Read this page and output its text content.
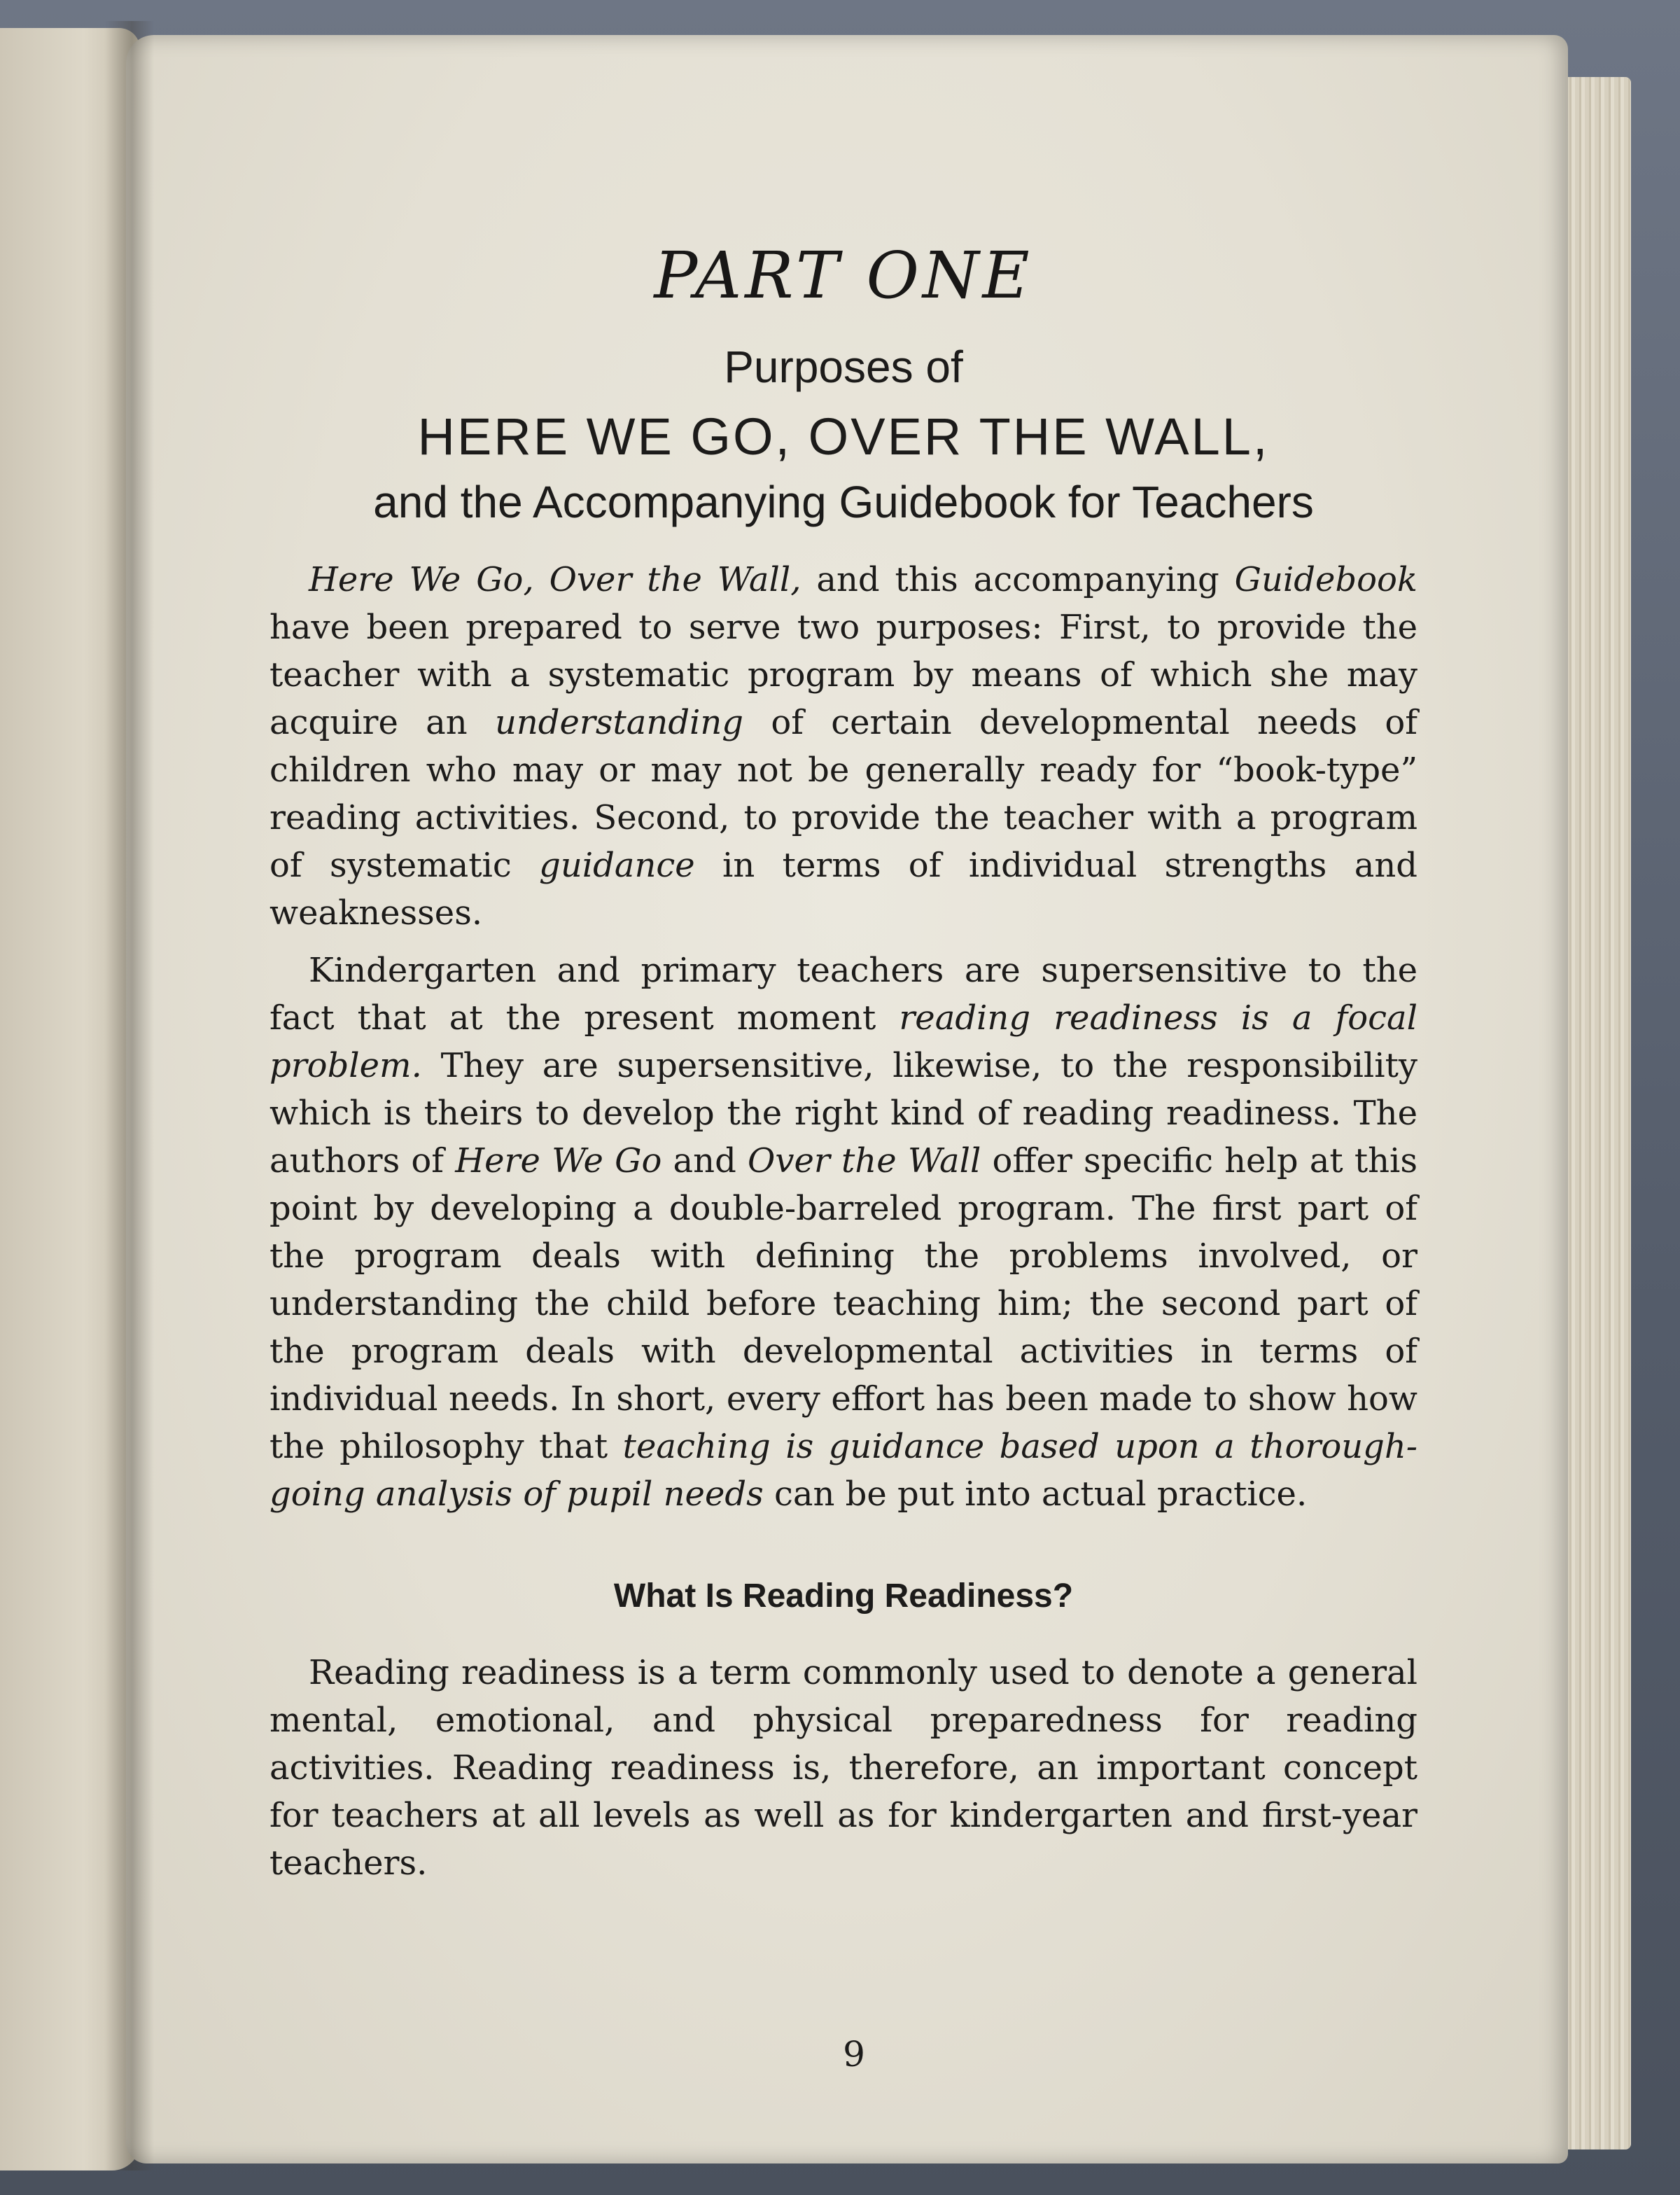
PART ONE
Purposes of
HERE WE GO, OVER THE WALL,
and the Accompanying Guidebook for Teachers

Here We Go, Over the Wall, and this accompanying Guidebook have been prepared to serve two purposes: First, to provide the teacher with a systematic program by means of which she may acquire an understanding of certain developmental needs of children who may or may not be generally ready for “book-type” reading activities. Second, to provide the teacher with a program of systematic guidance in terms of individual strengths and weaknesses.

Kindergarten and primary teachers are supersensitive to the fact that at the present moment reading readiness is a focal problem. They are supersensitive, likewise, to the responsibility which is theirs to develop the right kind of reading readiness. The authors of Here We Go and Over the Wall offer specific help at this point by developing a double-barreled program. The first part of the program deals with defining the problems involved, or understanding the child before teaching him; the second part of the program deals with developmental activities in terms of individual needs. In short, every effort has been made to show how the philosophy that teaching is guidance based upon a thorough-going analysis of pupil needs can be put into actual practice.

What Is Reading Readiness?

Reading readiness is a term commonly used to denote a general mental, emotional, and physical preparedness for reading activities. Reading readiness is, therefore, an important concept for teachers at all levels as well as for kindergarten and first-year teachers.

9
